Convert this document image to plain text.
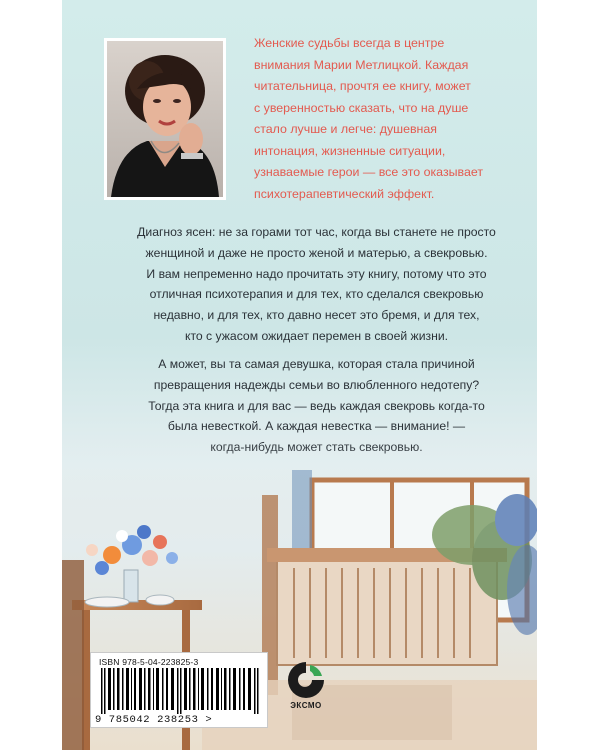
Женские судьбы всегда в центре
внимания Марии Метлицкой. Каждая
читательница, прочтя ее книгу, может
с уверенностью сказать, что на душе
стало лучше и легче: душевная
интонация, жизненные ситуации,
узнаваемые герои — все это оказывает
психотерапевтический эффект.
Диагноз ясен: не за горами тот час, когда вы станете не просто
женщиной и даже не просто женой и матерью, а свекровью.
И вам непременно надо прочитать эту книгу, потому что это
отличная психотерапия и для тех, кто сделался свекровью
недавно, и для тех, кто давно несет это бремя, и для тех,
кто с ужасом ожидает перемен в своей жизни.
А может, вы та самая девушка, которая стала причиной
превращения надежды семьи во влюбленного недотепу?
Тогда эта книга и для вас — ведь каждая свекровь когда-то
была невесткой. А каждая невестка — внимание! —
ISBN 978-5-04-223825-3
9 785042 238253 >
ЭКСМО
